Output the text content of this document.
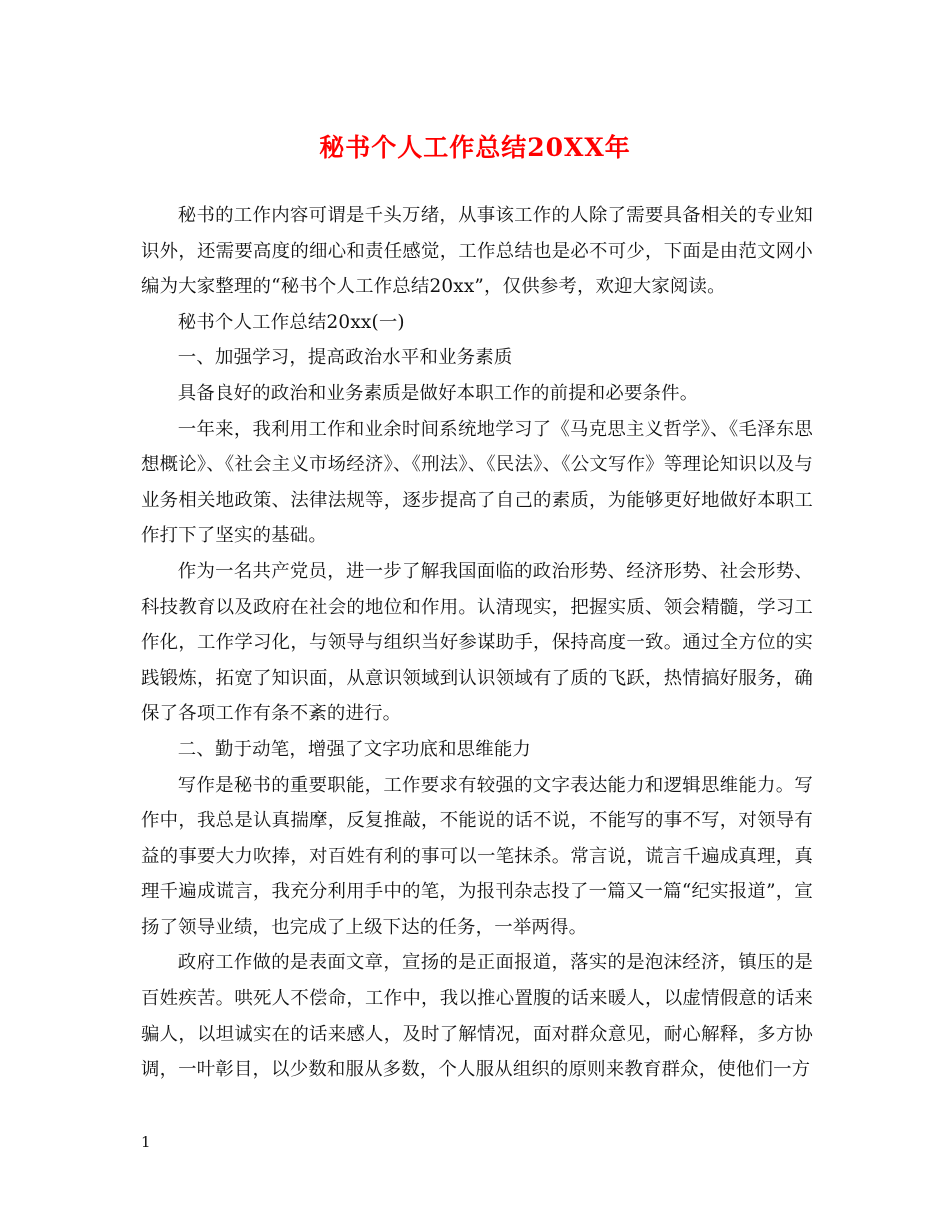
秘书个人工作总结20XX年

秘书的工作内容可谓是千头万绪，从事该工作的人除了需要具备相关的专业知识外，还需要高度的细心和责任感觉，工作总结也是必不可少，下面是由范文网小编为大家整理的“秘书个人工作总结20xx”，仅供参考，欢迎大家阅读。

秘书个人工作总结20xx(一)

一、加强学习，提高政治水平和业务素质

具备良好的政治和业务素质是做好本职工作的前提和必要条件。

一年来，我利用工作和业余时间系统地学习了《马克思主义哲学》、《毛泽东思想概论》、《社会主义市场经济》、《刑法》、《民法》、《公文写作》等理论知识以及与业务相关地政策、法律法规等，逐步提高了自己的素质，为能够更好地做好本职工作打下了坚实的基础。

作为一名共产党员，进一步了解我国面临的政治形势、经济形势、社会形势、科技教育以及政府在社会的地位和作用。认清现实，把握实质、领会精髓，学习工作化，工作学习化，与领导与组织当好参谋助手，保持高度一致。通过全方位的实践锻炼，拓宽了知识面，从意识领域到认识领域有了质的飞跃，热情搞好服务，确保了各项工作有条不紊的进行。

二、勤于动笔，增强了文字功底和思维能力

写作是秘书的重要职能，工作要求有较强的文字表达能力和逻辑思维能力。写作中，我总是认真揣摩，反复推敲，不能说的话不说，不能写的事不写，对领导有益的事要大力吹捧，对百姓有利的事可以一笔抹杀。常言说，谎言千遍成真理，真理千遍成谎言，我充分利用手中的笔，为报刊杂志投了一篇又一篇“纪实报道”，宣扬了领导业绩，也完成了上级下达的任务，一举两得。

政府工作做的是表面文章，宣扬的是正面报道，落实的是泡沫经济，镇压的是百姓疾苦。哄死人不偿命，工作中，我以推心置腹的话来暖人，以虚情假意的话来骗人，以坦诚实在的话来感人，及时了解情况，面对群众意见，耐心解释，多方协调，一叶彰目，以少数和服从多数，个人服从组织的原则来教育群众，使他们一方

1
